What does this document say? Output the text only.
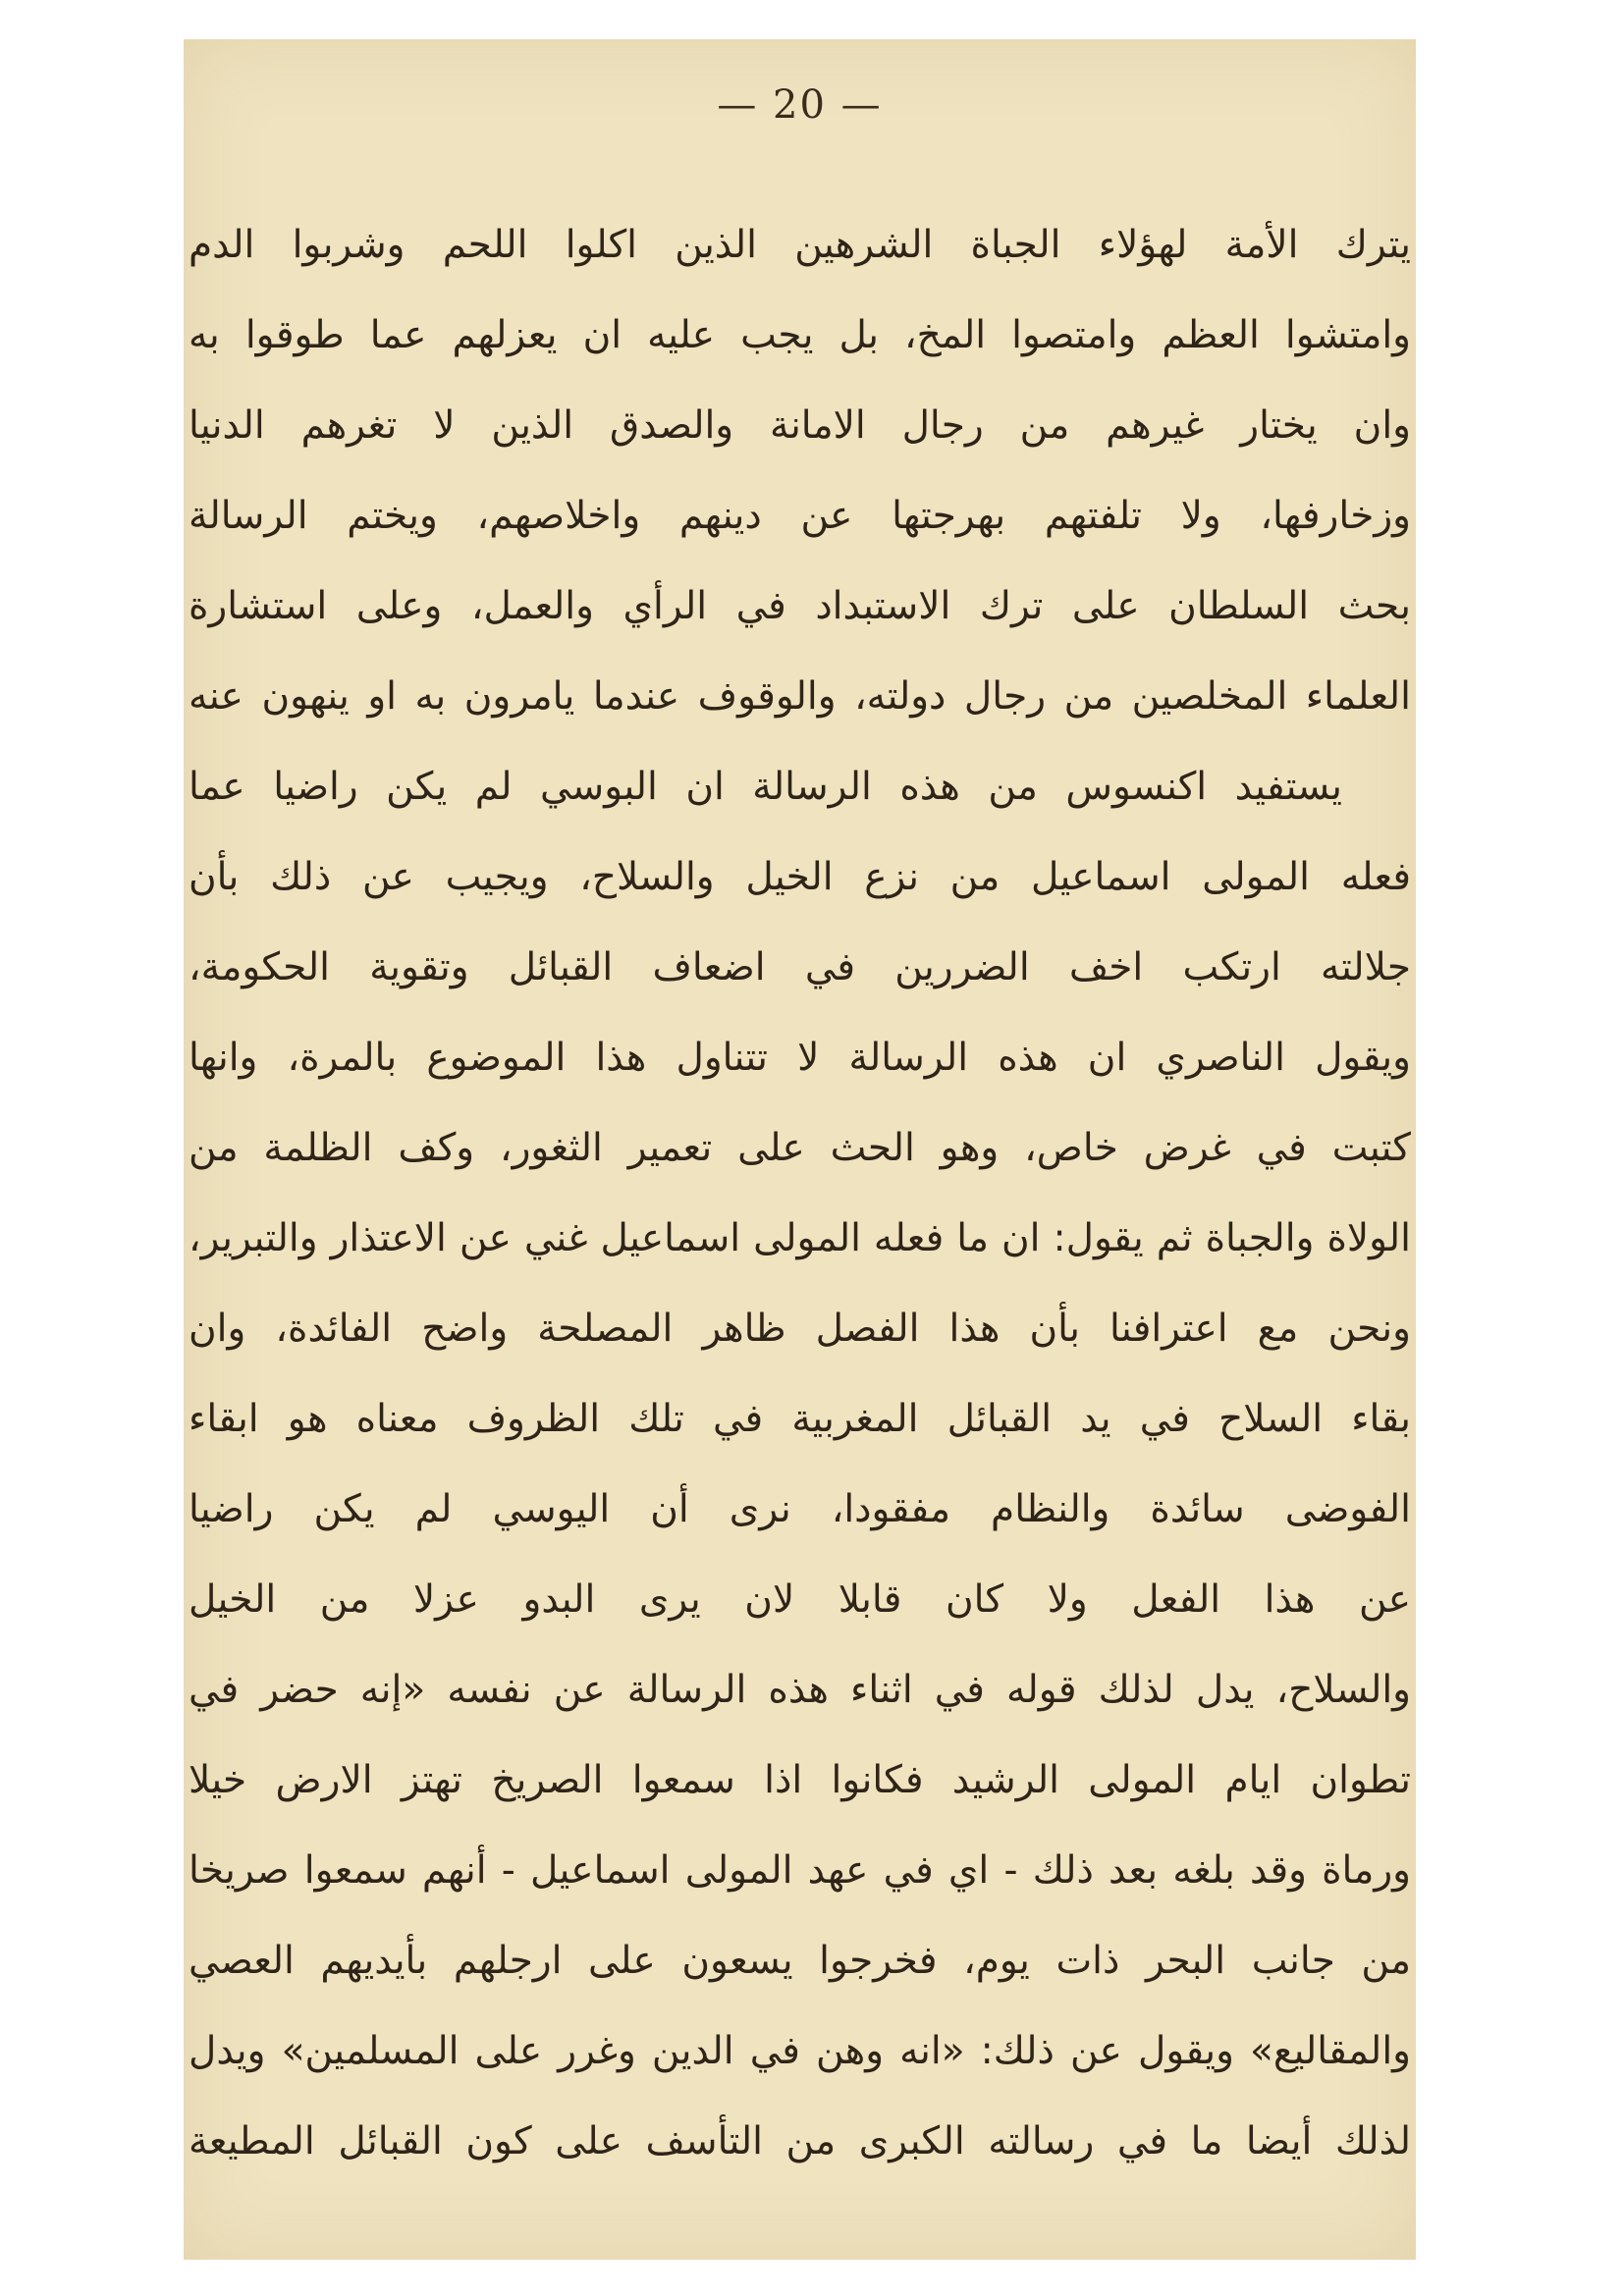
— 20 —
يترك الأمة لهؤلاء الجباة الشرهين الذين اكلوا اللحم وشربوا الدم
وامتشوا العظم وامتصوا المخ، بل يجب عليه ان يعزلهم عما طوقوا به
وان يختار غيرهم من رجال الامانة والصدق الذين لا تغرهم الدنيا
وزخارفها، ولا تلفتهم بهرجتها عن دينهم واخلاصهم، ويختم الرسالة
بحث السلطان على ترك الاستبداد في الرأي والعمل، وعلى استشارة
العلماء المخلصين من رجال دولته، والوقوف عندما يامرون به او ينهون عنه
يستفيد اكنسوس من هذه الرسالة ان البوسي لم يكن راضيا عما
فعله المولى اسماعيل من نزع الخيل والسلاح، ويجيب عن ذلك بأن
جلالته ارتكب اخف الضررين في اضعاف القبائل وتقوية الحكومة،
ويقول الناصري ان هذه الرسالة لا تتناول هذا الموضوع بالمرة، وانها
كتبت في غرض خاص، وهو الحث على تعمير الثغور، وكف الظلمة من
الولاة والجباة ثم يقول: ان ما فعله المولى اسماعيل غني عن الاعتذار والتبرير،
ونحن مع اعترافنا بأن هذا الفصل ظاهر المصلحة واضح الفائدة، وان
بقاء السلاح في يد القبائل المغربية في تلك الظروف معناه هو ابقاء
الفوضى سائدة والنظام مفقودا، نرى أن اليوسي لم يكن راضيا
عن هذا الفعل ولا كان قابلا لان يرى البدو عزلا من الخيل
والسلاح، يدل لذلك قوله في اثناء هذه الرسالة عن نفسه «إنه حضر في
تطوان ايام المولى الرشيد فكانوا اذا سمعوا الصريخ تهتز الارض خيلا
ورماة وقد بلغه بعد ذلك - اي في عهد المولى اسماعيل - أنهم سمعوا صريخا
من جانب البحر ذات يوم، فخرجوا يسعون على ارجلهم بأيديهم العصي
والمقاليع» ويقول عن ذلك: «انه وهن في الدين وغرر على المسلمين» ويدل
لذلك أيضا ما في رسالته الكبرى من التأسف على كون القبائل المطيعة
